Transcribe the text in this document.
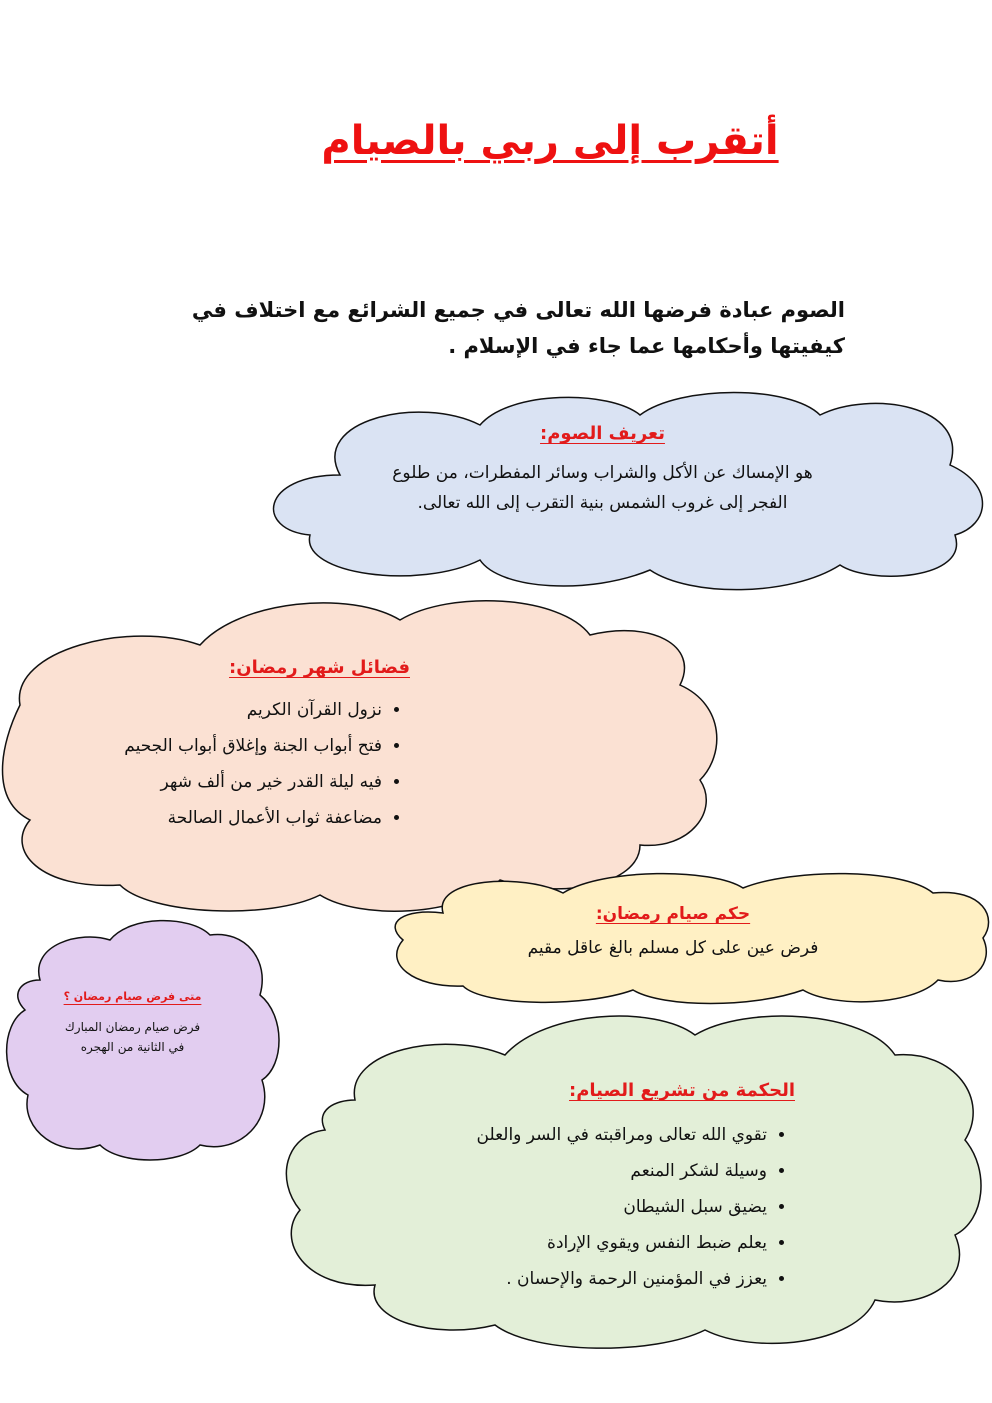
أتقرب إلى ربي بالصيام
الصوم عبادة فرضها الله تعالى في جميع الشرائع مع اختلاف في كيفيتها وأحكامها عما جاء في الإسلام .
تعريف الصوم:
هو الإمساك عن الأكل والشراب وسائر المفطرات، من طلوع الفجر إلى غروب الشمس بنية التقرب إلى الله تعالى.
فضائل شهر رمضان:
• نزول القرآن الكريم
• فتح أبواب الجنة وإغلاق أبواب الجحيم
• فيه ليلة القدر خير من ألف شهر
• مضاعفة ثواب الأعمال الصالحة
حكم صيام رمضان:
فرض عين على كل مسلم بالغ عاقل مقيم
متى فرض صيام رمضان ؟
فرض صيام رمضان المبارك في الثانية من الهجره
الحكمة من تشريع الصيام:
• تقوي الله تعالى ومراقبته في السر والعلن
• وسيلة لشكر المنعم
• يضيق سبل الشيطان
• يعلم ضبط النفس ويقوي الإرادة
• يعزز في المؤمنين الرحمة والإحسان .
